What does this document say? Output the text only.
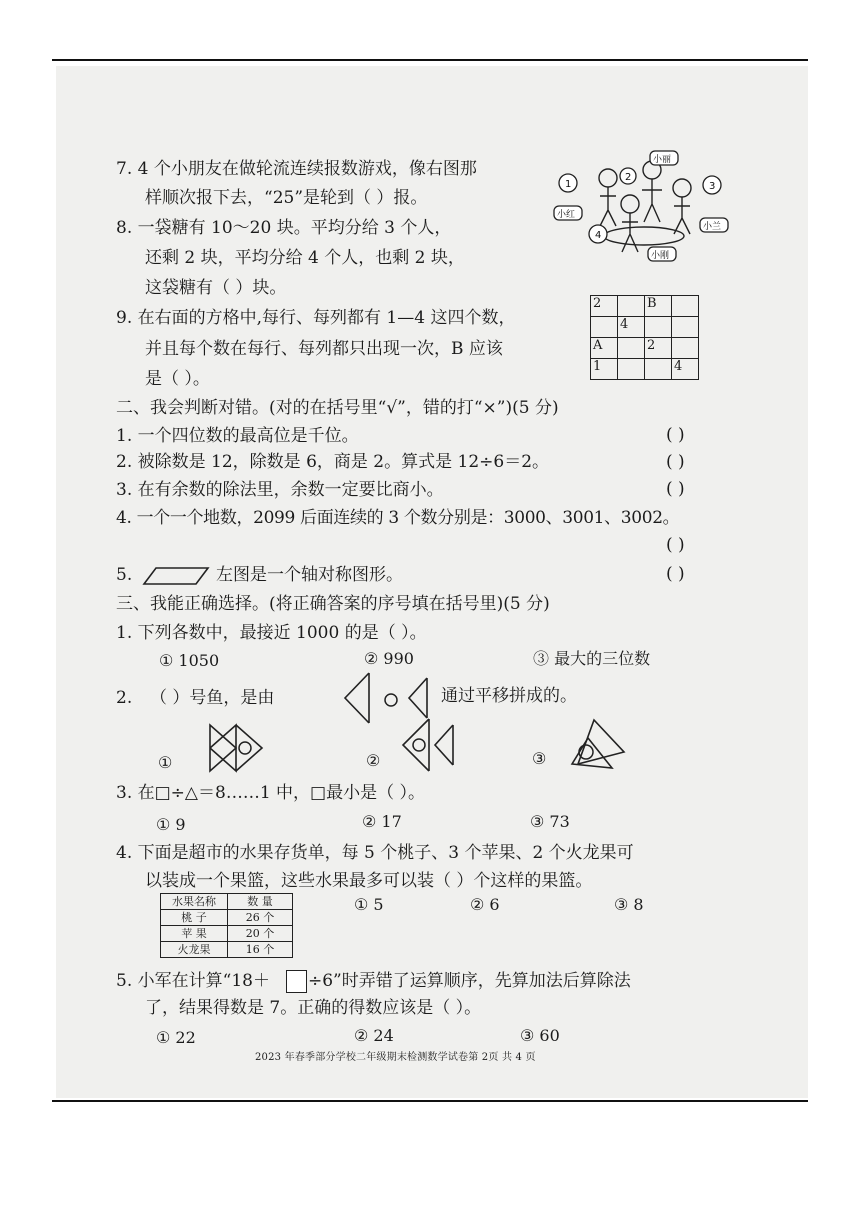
7. 4 个小朋友在做轮流连续报数游戏，像右图那
样顺次报下去，“25”是轮到（ ）报。
1
2
3
4
小丽
小红
小兰
小刚
8. 一袋糖有 10～20 块。平均分给 3 个人，
还剩 2 块，平均分给 4 个人，也剩 2 块，
这袋糖有（ ）块。
9. 在右面的方格中,每行、每列都有 1—4 这四个数，
并且每个数在每行、每列都只出现一次，B 应该
是（ ）。
二、我会判断对错。(对的在括号里“√”，错的打“×”)(5 分)
1. 一个四位数的最高位是千位。	( )
2. 被除数是 12，除数是 6，商是 2。算式是 12÷6＝2。	( )
3. 在有余数的除法里，余数一定要比商小。	( )
4. 一个一个地数，2099 后面连续的 3 个数分别是：3000、3001、3002。
( )
5.	左图是一个轴对称图形。	( )
三、我能正确选择。(将正确答案的序号填在括号里)(5 分)
1. 下列各数中，最接近 1000 的是（ ）。
① 1050	② 990	③ 最大的三位数
2. （ ）号鱼，是由	通过平移拼成的。
①	②	③
3. 在□÷△＝8……1 中，□最小是（ ）。
① 9	② 17	③ 73
4. 下面是超市的水果存货单，每 5 个桃子、3 个苹果、2 个火龙果可
以装成一个果篮，这些水果最多可以装（ ）个这样的果篮。
① 5	② 6	③ 8
5. 小军在计算“18＋ ÷6”时弄错了运算顺序，先算加法后算除法
了，结果得数是 7。正确的得数应该是（ ）。
① 22	② 24	③ 60
2		B	
	4		
A		2	
1			4
水果名称	数 量
桃 子	26 个
苹 果	20 个
火龙果	16 个
2023 年春季部分学校二年级期末检测数学试卷第 2页 共 4 页
